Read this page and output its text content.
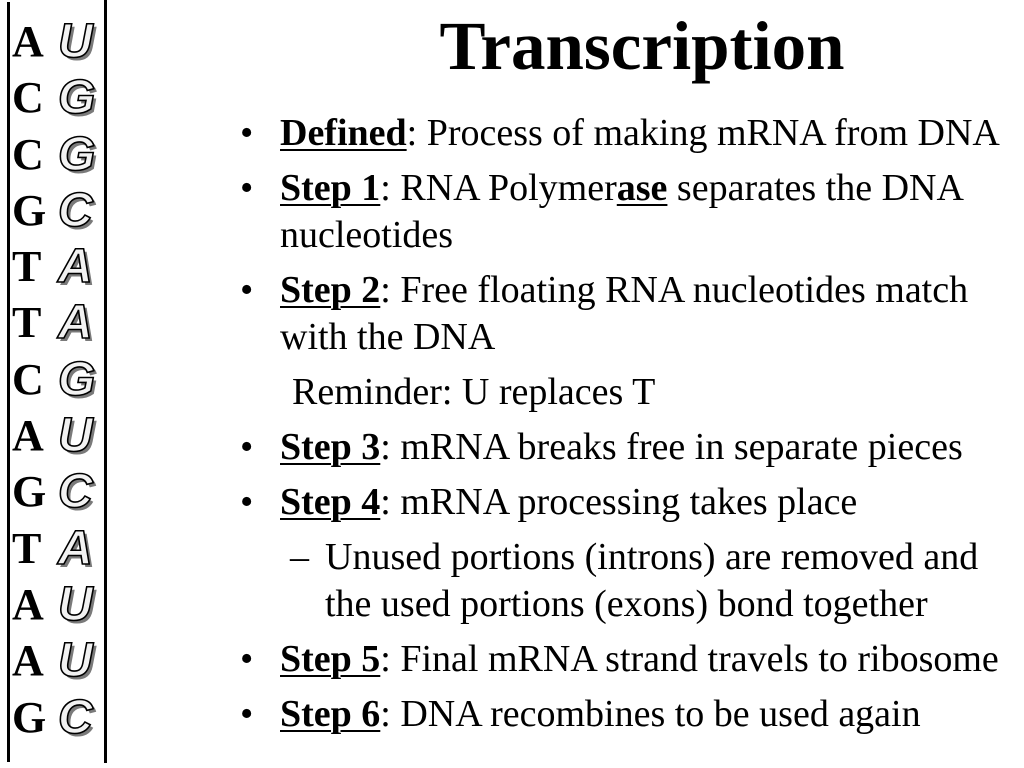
A U
C G
C G
G C
T A
T A
C G
A U
G C
T A
A U
A U
G C
Transcription
• Defined: Process of making mRNA from DNA
• Step 1: RNA Polymerase separates the DNA
nucleotides
• Step 2: Free floating RNA nucleotides match
with the DNA
Reminder: U replaces T
• Step 3: mRNA breaks free in separate pieces
• Step 4: mRNA processing takes place
– Unused portions (introns) are removed and
the used portions (exons) bond together
• Step 5: Final mRNA strand travels to ribosome
• Step 6: DNA recombines to be used again
